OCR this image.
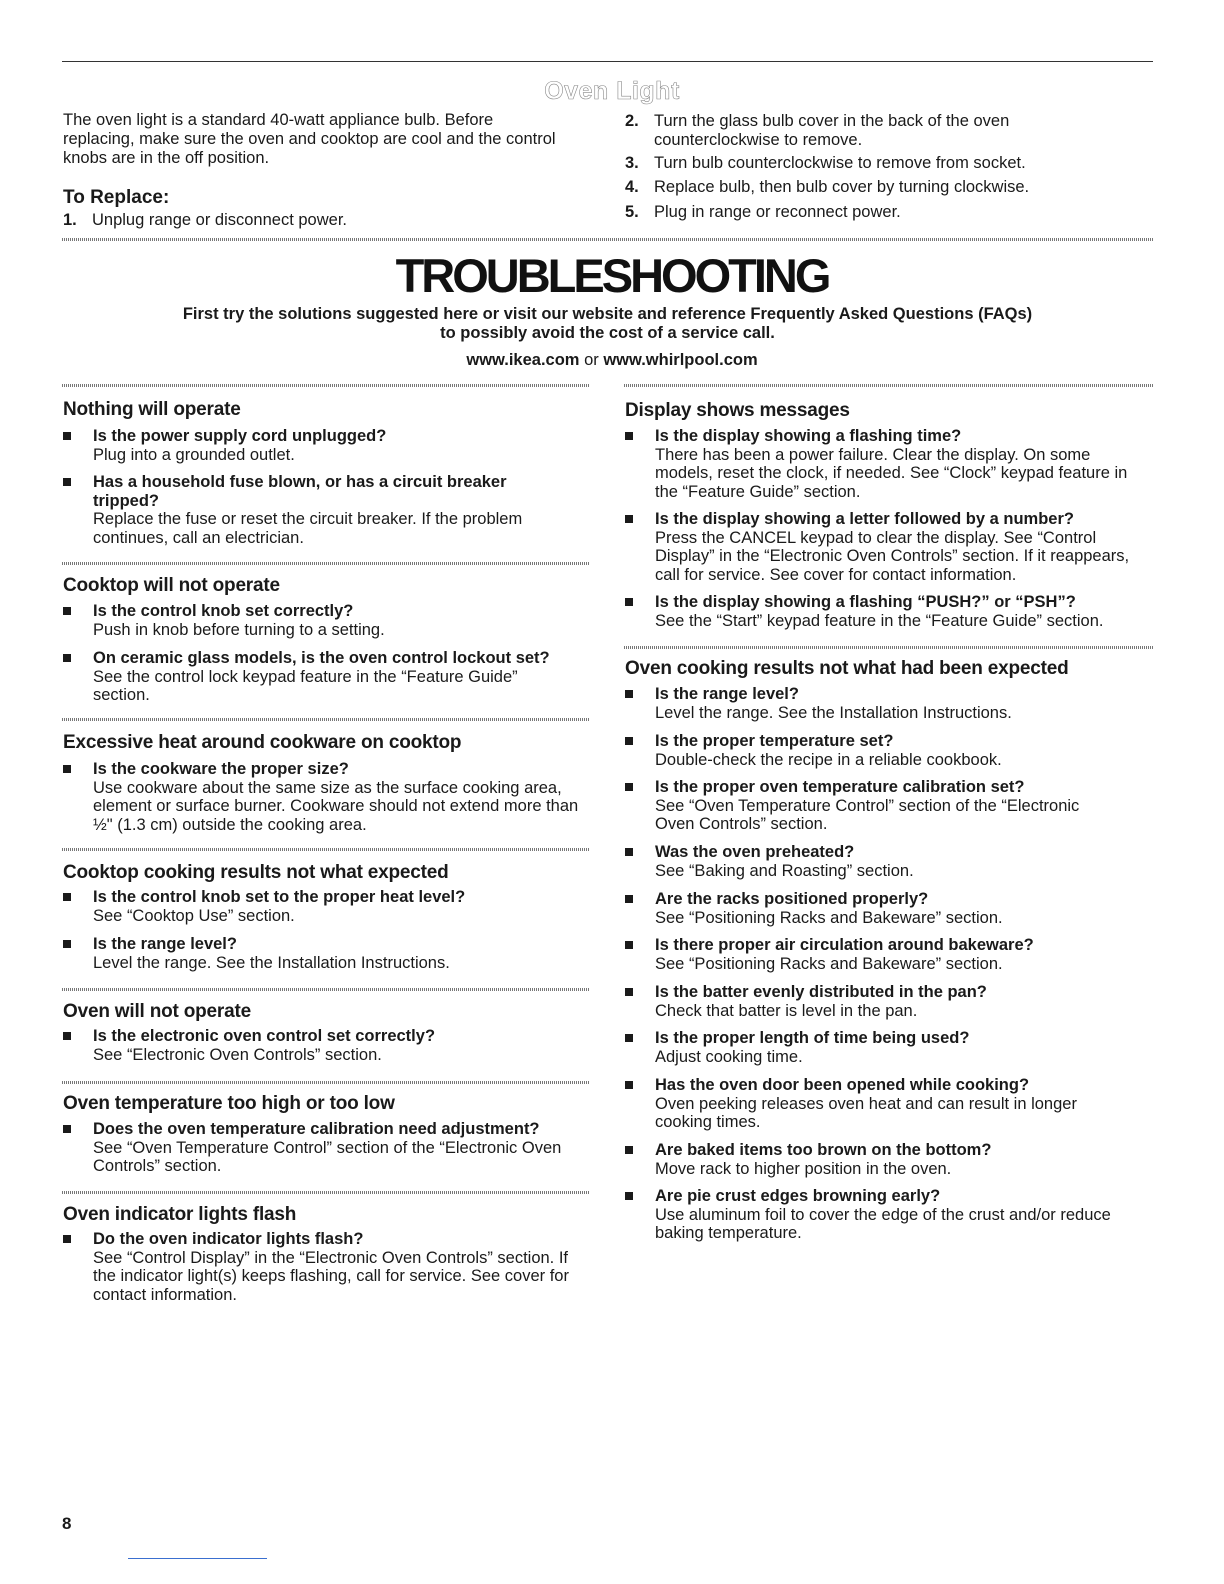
Oven Light
The oven light is a standard 40-watt appliance bulb. Before replacing, make sure the oven and cooktop are cool and the control knobs are in the off position.
To Replace:
1. Unplug range or disconnect power.
2. Turn the glass bulb cover in the back of the oven counterclockwise to remove.
3. Turn bulb counterclockwise to remove from socket.
4. Replace bulb, then bulb cover by turning clockwise.
5. Plug in range or reconnect power.
TROUBLESHOOTING
First try the solutions suggested here or visit our website and reference Frequently Asked Questions (FAQs)
to possibly avoid the cost of a service call.
www.ikea.com or www.whirlpool.com
Nothing will operate
Is the power supply cord unplugged?
Plug into a grounded outlet.
Has a household fuse blown, or has a circuit breaker tripped?
Replace the fuse or reset the circuit breaker. If the problem continues, call an electrician.
Cooktop will not operate
Is the control knob set correctly?
Push in knob before turning to a setting.
On ceramic glass models, is the oven control lockout set?
See the control lock keypad feature in the “Feature Guide” section.
Excessive heat around cookware on cooktop
Is the cookware the proper size?
Use cookware about the same size as the surface cooking area, element or surface burner. Cookware should not extend more than ½" (1.3 cm) outside the cooking area.
Cooktop cooking results not what expected
Is the control knob set to the proper heat level?
See “Cooktop Use” section.
Is the range level?
Level the range. See the Installation Instructions.
Oven will not operate
Is the electronic oven control set correctly?
See “Electronic Oven Controls” section.
Oven temperature too high or too low
Does the oven temperature calibration need adjustment?
See “Oven Temperature Control” section of the “Electronic Oven Controls” section.
Oven indicator lights flash
Do the oven indicator lights flash?
See “Control Display” in the “Electronic Oven Controls” section. If the indicator light(s) keeps flashing, call for service. See cover for contact information.
Display shows messages
Is the display showing a flashing time?
There has been a power failure. Clear the display. On some models, reset the clock, if needed. See “Clock” keypad feature in the “Feature Guide” section.
Is the display showing a letter followed by a number?
Press the CANCEL keypad to clear the display. See “Control Display” in the “Electronic Oven Controls” section. If it reappears, call for service. See cover for contact information.
Is the display showing a flashing “PUSH?” or “PSH”?
See the “Start” keypad feature in the “Feature Guide” section.
Oven cooking results not what had been expected
Is the range level?
Level the range. See the Installation Instructions.
Is the proper temperature set?
Double-check the recipe in a reliable cookbook.
Is the proper oven temperature calibration set?
See “Oven Temperature Control” section of the “Electronic Oven Controls” section.
Was the oven preheated?
See “Baking and Roasting” section.
Are the racks positioned properly?
See “Positioning Racks and Bakeware” section.
Is there proper air circulation around bakeware?
See “Positioning Racks and Bakeware” section.
Is the batter evenly distributed in the pan?
Check that batter is level in the pan.
Is the proper length of time being used?
Adjust cooking time.
Has the oven door been opened while cooking?
Oven peeking releases oven heat and can result in longer cooking times.
Are baked items too brown on the bottom?
Move rack to higher position in the oven.
Are pie crust edges browning early?
Use aluminum foil to cover the edge of the crust and/or reduce baking temperature.
8
